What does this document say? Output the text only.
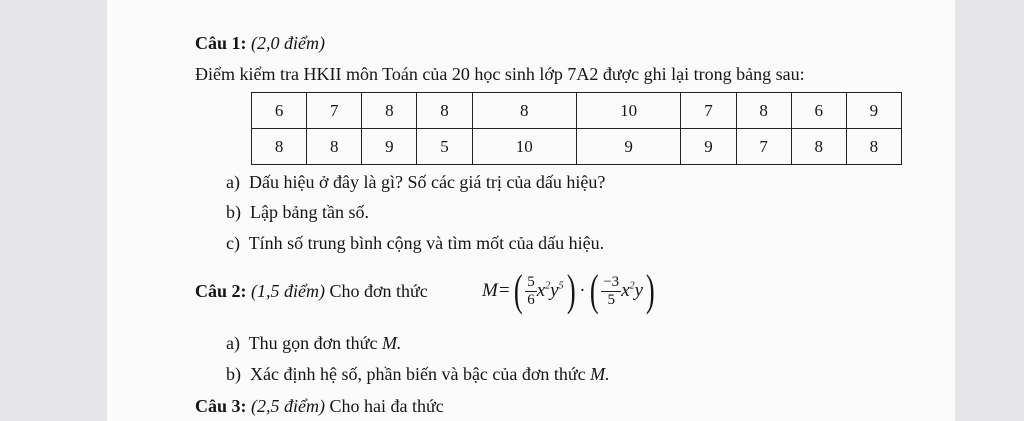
Câu 1: (2,0 điểm)
Điểm kiểm tra HKII môn Toán của 20 học sinh lớp 7A2 được ghi lại trong bảng sau:
6	7	8	8	8	10	7	8	6	9
8	8	9	5	10	9	9	7	8	8
a) Dấu hiệu ở đây là gì? Số các giá trị của dấu hiệu?
b) Lập bảng tần số.
c) Tính số trung bình cộng và tìm mốt của dấu hiệu.
Câu 2: (1,5 điểm) Cho đơn thức	M = ( $\frac{5}{6} x^2y^5$ ) · ( $\frac{-3}{5} x^2y$ )
a) Thu gọn đơn thức M.
b) Xác định hệ số, phần biến và bậc của đơn thức M.
Câu 3: (2,5 điểm) Cho hai đa thức
